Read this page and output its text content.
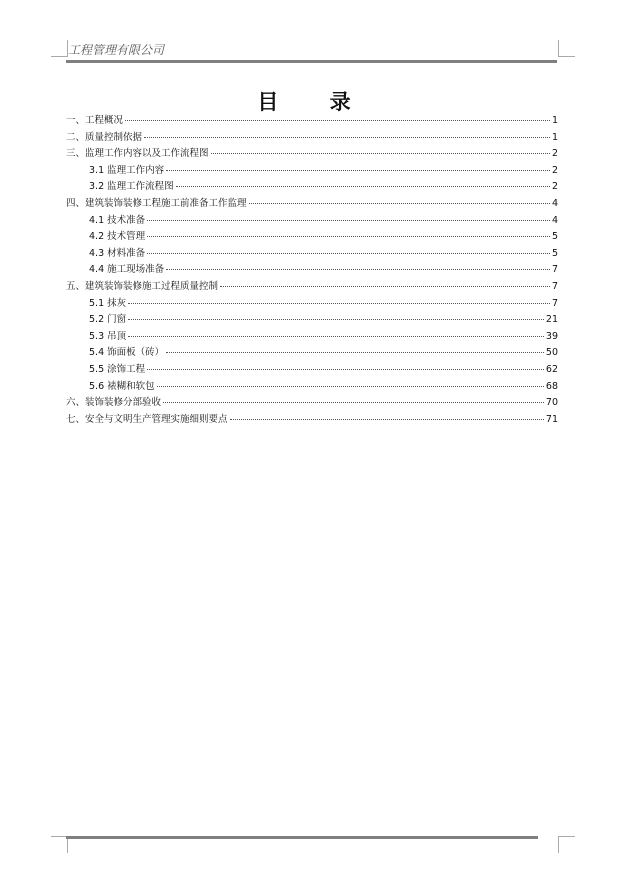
工程管理有限公司
目 录
一、工程概况	1
二、质量控制依据	1
三、监理工作内容以及工作流程图	2
3.1 监理工作内容	2
3.2 监理工作流程图	2
四、建筑装饰装修工程施工前准备工作监理	4
4.1 技术准备	4
4.2 技术管理	5
4.3 材料准备	5
4.4 施工现场准备	7
五、建筑装饰装修施工过程质量控制	7
5.1 抹灰	7
5.2 门窗	21
5.3 吊顶	39
5.4 饰面板（砖）	50
5.5 涂饰工程	62
5.6 裱糊和软包	68
六、装饰装修分部验收	70
七、安全与文明生产管理实施细则要点	71
